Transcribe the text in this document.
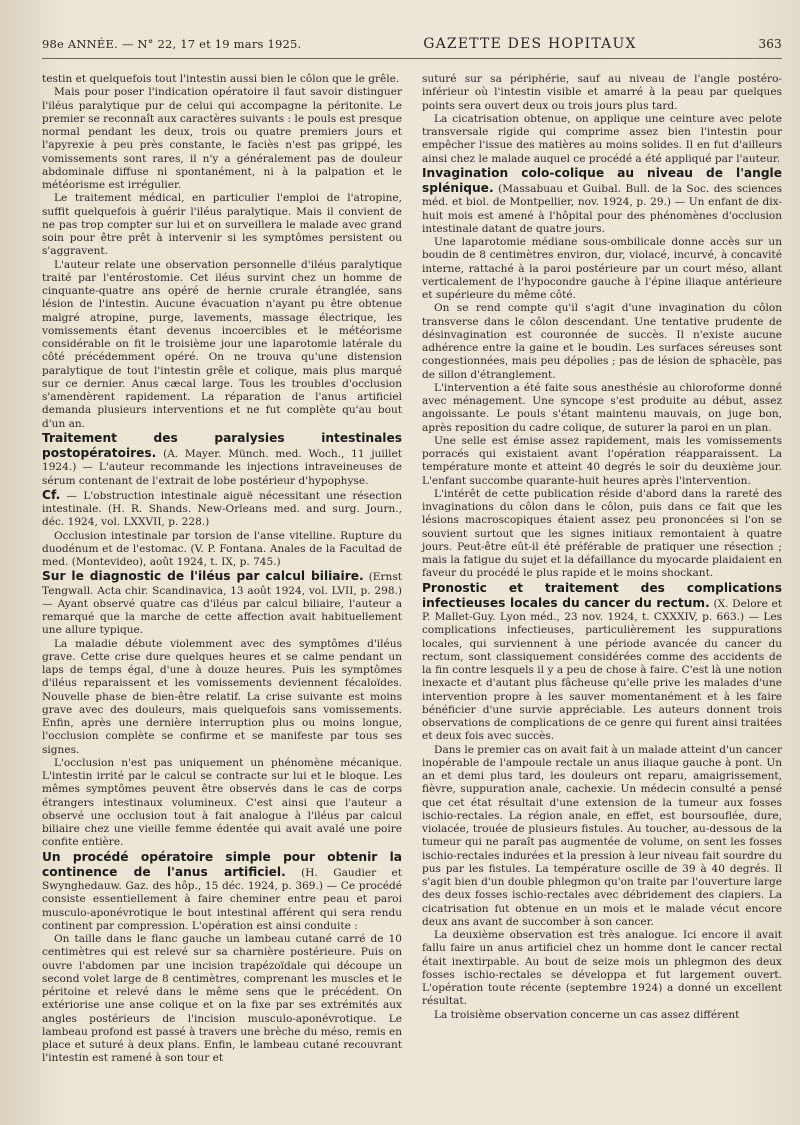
98e ANNÉE. — N° 22, 17 et 19 mars 1925.	GAZETTE DES HOPITAUX	363

testin et quelquefois tout l'intestin aussi bien le côlon que le grêle.

Mais pour poser l'indication opératoire il faut savoir distinguer l'iléus paralytique pur de celui qui accompagne la péritonite. Le premier se reconnaît aux caractères suivants : le pouls est presque normal pendant les deux, trois ou quatre premiers jours et l'apyrexie à peu près constante, le faciès n'est pas grippé, les vomissements sont rares, il n'y a généralement pas de douleur abdominale diffuse ni spontanément, ni à la palpation et le météorisme est irrégulier.

Le traitement médical, en particulier l'emploi de l'atropine, suffit quelquefois à guérir l'iléus paralytique. Mais il convient de ne pas trop compter sur lui et on surveillera le malade avec grand soin pour être prêt à intervenir si les symptômes persistent ou s'aggravent.

L'auteur relate une observation personnelle d'iléus paralytique traité par l'entérostomie. Cet iléus survint chez un homme de cinquante-quatre ans opéré de hernie crurale étranglée, sans lésion de l'intestin. Aucune évacuation n'ayant pu être obtenue malgré atropine, purge, lavements, massage électrique, les vomissements étant devenus incoercibles et le météorisme considérable on fit le troisième jour une laparotomie latérale du côté précédemment opéré. On ne trouva qu'une distension paralytique de tout l'intestin grêle et colique, mais plus marqué sur ce dernier. Anus cæcal large. Tous les troubles d'occlusion s'amendèrent rapidement. La réparation de l'anus artificiel demanda plusieurs interventions et ne fut complète qu'au bout d'un an.

Traitement des paralysies intestinales postopératoires. (A. Mayer. Münch. med. Woch., 11 juillet 1924.) — L'auteur recommande les injections intraveineuses de sérum contenant de l'extrait de lobe postérieur d'hypophyse.

Cf. — L'obstruction intestinale aiguë nécessitant une résection intestinale. (H. R. Shands. New-Orleans med. and surg. Journ., déc. 1924, vol. LXXVII, p. 228.)

Occlusion intestinale par torsion de l'anse vitelline. Rupture du duodénum et de l'estomac. (V. P. Fontana. Anales de la Facultad de med. (Montevideo), août 1924, t. IX, p. 745.)

Sur le diagnostic de l'iléus par calcul biliaire. (Ernst Tengwall. Acta chir. Scandinavica, 13 août 1924, vol. LVII, p. 298.) — Ayant observé quatre cas d'iléus par calcul biliaire, l'auteur a remarqué que la marche de cette affection avait habituellement une allure typique.

La maladie débute violemment avec des symptômes d'iléus grave. Cette crise dure quelques heures et se calme pendant un laps de temps égal, d'une à douze heures. Puis les symptômes d'iléus reparaissent et les vomissements deviennent fécaloïdes. Nouvelle phase de bien-être relatif. La crise suivante est moins grave avec des douleurs, mais quelquefois sans vomissements. Enfin, après une dernière interruption plus ou moins longue, l'occlusion complète se confirme et se manifeste par tous ses signes.

L'occlusion n'est pas uniquement un phénomène mécanique. L'intestin irrité par le calcul se contracte sur lui et le bloque. Les mêmes symptômes peuvent être observés dans le cas de corps étrangers intestinaux volumineux. C'est ainsi que l'auteur a observé une occlusion tout à fait analogue à l'iléus par calcul biliaire chez une vieille femme édentée qui avait avalé une poire confite entière.

Un procédé opératoire simple pour obtenir la continence de l'anus artificiel. (H. Gaudier et Swynghedauw. Gaz. des hôp., 15 déc. 1924, p. 369.) — Ce procédé consiste essentiellement à faire cheminer entre peau et paroi musculo-aponévrotique le bout intestinal afférent qui sera rendu continent par compression. L'opération est ainsi conduite :

On taille dans le flanc gauche un lambeau cutané carré de 10 centimètres qui est relevé sur sa charnière postérieure. Puis on ouvre l'abdomen par une incision trapézoïdale qui découpe un second volet large de 8 centimètres, comprenant les muscles et le péritoine et relevé dans le même sens que le précédent. On extériorise une anse colique et on la fixe par ses extrémités aux angles postérieurs de l'incision musculo-aponévrotique. Le lambeau profond est passé à travers une brèche du méso, remis en place et suturé à deux plans. Enfin, le lambeau cutané recouvrant l'intestin est ramené à son tour et

suturé sur sa périphérie, sauf au niveau de l'angle postéro-inférieur où l'intestin visible et amarré à la peau par quelques points sera ouvert deux ou trois jours plus tard.

La cicatrisation obtenue, on applique une ceinture avec pelote transversale rigide qui comprime assez bien l'intestin pour empêcher l'issue des matières au moins solides. Il en fut d'ailleurs ainsi chez le malade auquel ce procédé a été appliqué par l'auteur.

Invagination colo-colique au niveau de l'angle splénique. (Massabuau et Guibal. Bull. de la Soc. des sciences méd. et biol. de Montpellier, nov. 1924, p. 29.) — Un enfant de dix-huit mois est amené à l'hôpital pour des phénomènes d'occlusion intestinale datant de quatre jours.

Une laparotomie médiane sous-ombilicale donne accès sur un boudin de 8 centimètres environ, dur, violacé, incurvé, à concavité interne, rattaché à la paroi postérieure par un court méso, allant verticalement de l'hypocondre gauche à l'épine iliaque antérieure et supérieure du même côté.

On se rend compte qu'il s'agit d'une invagination du côlon transverse dans le côlon descendant. Une tentative prudente de désinvagination est couronnée de succès. Il n'existe aucune adhérence entre la gaine et le boudin. Les surfaces séreuses sont congestionnées, mais peu dépolies ; pas de lésion de sphacèle, pas de sillon d'étranglement.

L'intervention a été faite sous anesthésie au chloroforme donné avec ménagement. Une syncope s'est produite au début, assez angoissante. Le pouls s'étant maintenu mauvais, on juge bon, après reposition du cadre colique, de suturer la paroi en un plan.

Une selle est émise assez rapidement, mais les vomissements porracés qui existaient avant l'opération réapparaissent. La température monte et atteint 40 degrés le soir du deuxième jour. L'enfant succombe quarante-huit heures après l'intervention.

L'intérêt de cette publication réside d'abord dans la rareté des invaginations du côlon dans le côlon, puis dans ce fait que les lésions macroscopiques étaient assez peu prononcées si l'on se souvient surtout que les signes initiaux remontaient à quatre jours. Peut-être eût-il été préférable de pratiquer une résection ; mais la fatigue du sujet et la défaillance du myocarde plaidaient en faveur du procédé le plus rapide et le moins shockant.

Pronostic et traitement des complications infectieuses locales du cancer du rectum. (X. Delore et P. Mallet-Guy. Lyon méd., 23 nov. 1924, t. CXXXIV, p. 663.) — Les complications infectieuses, particulièrement les suppurations locales, qui surviennent à une période avancée du cancer du rectum, sont classiquement considérées comme des accidents de la fin contre lesquels il y a peu de chose à faire. C'est là une notion inexacte et d'autant plus fâcheuse qu'elle prive les malades d'une intervention propre à les sauver momentanément et à les faire bénéficier d'une survie appréciable. Les auteurs donnent trois observations de complications de ce genre qui furent ainsi traitées et deux fois avec succès.

Dans le premier cas on avait fait à un malade atteint d'un cancer inopérable de l'ampoule rectale un anus iliaque gauche à pont. Un an et demi plus tard, les douleurs ont reparu, amaigrissement, fièvre, suppuration anale, cachexie. Un médecin consulté a pensé que cet état résultait d'une extension de la tumeur aux fosses ischio-rectales. La région anale, en effet, est boursouflée, dure, violacée, trouée de plusieurs fistules. Au toucher, au-dessous de la tumeur qui ne paraît pas augmentée de volume, on sent les fosses ischio-rectales indurées et la pression à leur niveau fait sourdre du pus par les fistules. La température oscille de 39 à 40 degrés. Il s'agit bien d'un double phlegmon qu'on traite par l'ouverture large des deux fosses ischio-rectales avec débridement des clapiers. La cicatrisation fut obtenue en un mois et le malade vécut encore deux ans avant de succomber à son cancer.

La deuxième observation est très analogue. Ici encore il avait fallu faire un anus artificiel chez un homme dont le cancer rectal était inextirpable. Au bout de seize mois un phlegmon des deux fosses ischio-rectales se développa et fut largement ouvert. L'opération toute récente (septembre 1924) a donné un excellent résultat.

La troisième observation concerne un cas assez différent
